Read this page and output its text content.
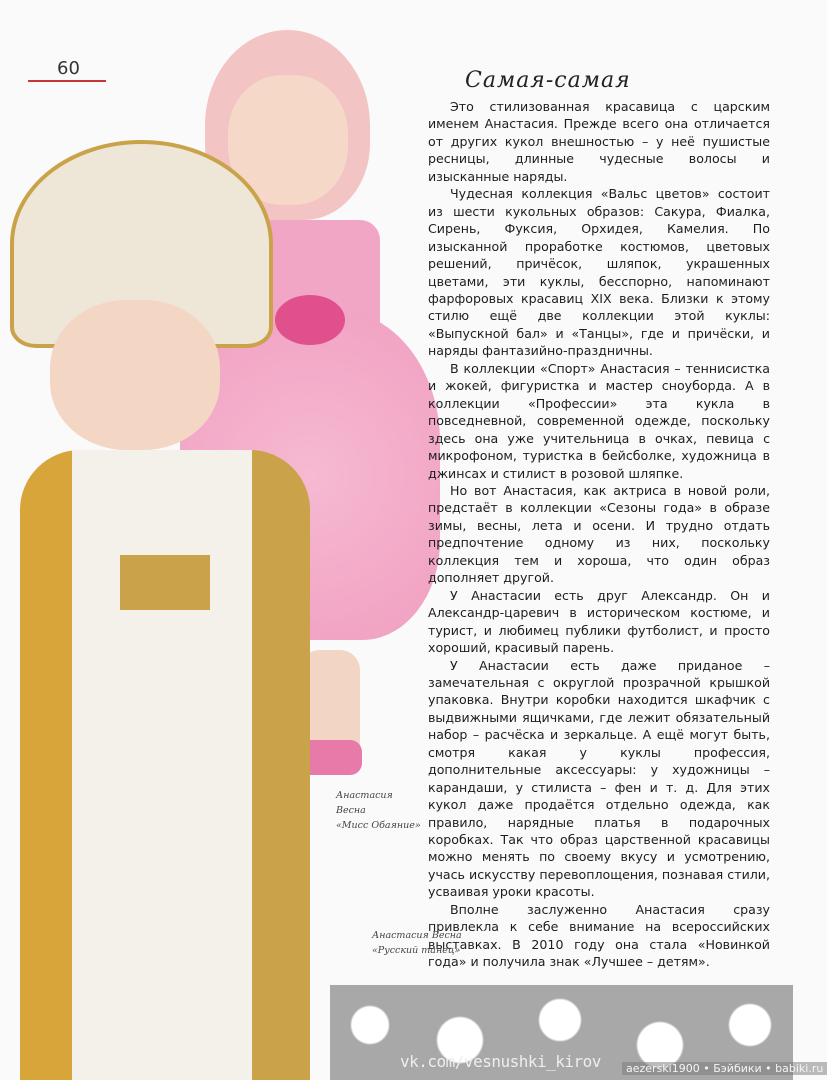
60	Самая-самая

Это стилизованная красавица с царским именем Анастасия. Прежде всего она отличается от других кукол внешностью – у неё пушистые ресницы, длинные чудесные волосы и изысканные наряды.

Чудесная коллекция «Вальс цветов» состоит из шести кукольных образов: Сакура, Фиалка, Сирень, Фуксия, Орхидея, Камелия. По изысканной проработке костюмов, цветовых решений, причёсок, шляпок, украшенных цветами, эти куклы, бесспорно, напоминают фарфоровых красавиц XIX века. Близки к этому стилю ещё две коллекции этой куклы: «Выпускной бал» и «Танцы», где и причёски, и наряды фантазийно-праздничны.

В коллекции «Спорт» Анастасия – теннисистка и жокей, фигуристка и мастер сноуборда. А в коллекции «Профессии» эта кукла в повседневной, современной одежде, поскольку здесь она уже учительница в очках, певица с микрофоном, туристка в бейсболке, художница в джинсах и стилист в розовой шляпке.

Но вот Анастасия, как актриса в новой роли, предстаёт в коллекции «Сезоны года» в образе зимы, весны, лета и осени. И трудно отдать предпочтение одному из них, поскольку коллекция тем и хороша, что один образ дополняет другой.

У Анастасии есть друг Александр. Он и Александр-царевич в историческом костюме, и турист, и любимец публики футболист, и просто хороший, красивый парень.

У Анастасии есть даже приданое – замечательная с округлой прозрачной крышкой упаковка. Внутри коробки находится шкафчик с выдвижными ящичками, где лежит обязательный набор – расчёска и зеркальце. А ещё могут быть, смотря какая у куклы профессия, дополнительные аксессуары: у художницы – карандаши, у стилиста – фен и т. д. Для этих кукол даже продаётся отдельно одежда, как правило, нарядные платья в подарочных коробках. Так что образ царственной красавицы можно менять по своему вкусу и усмотрению, учась искусству перевоплощения, познавая стили, усваивая уроки красоты.

Вполне заслуженно Анастасия сразу привлекла к себе внимание на всероссийских выставках. В 2010 году она стала «Новинкой года» и получила знак «Лучшее – детям».

Анастасия
Весна
«Мисс Обаяние»
Анастасия Весна
«Русский танец»
vk.com/vesnushki_kirov	aezerski1900 • Бэйбики • babiki.ru
